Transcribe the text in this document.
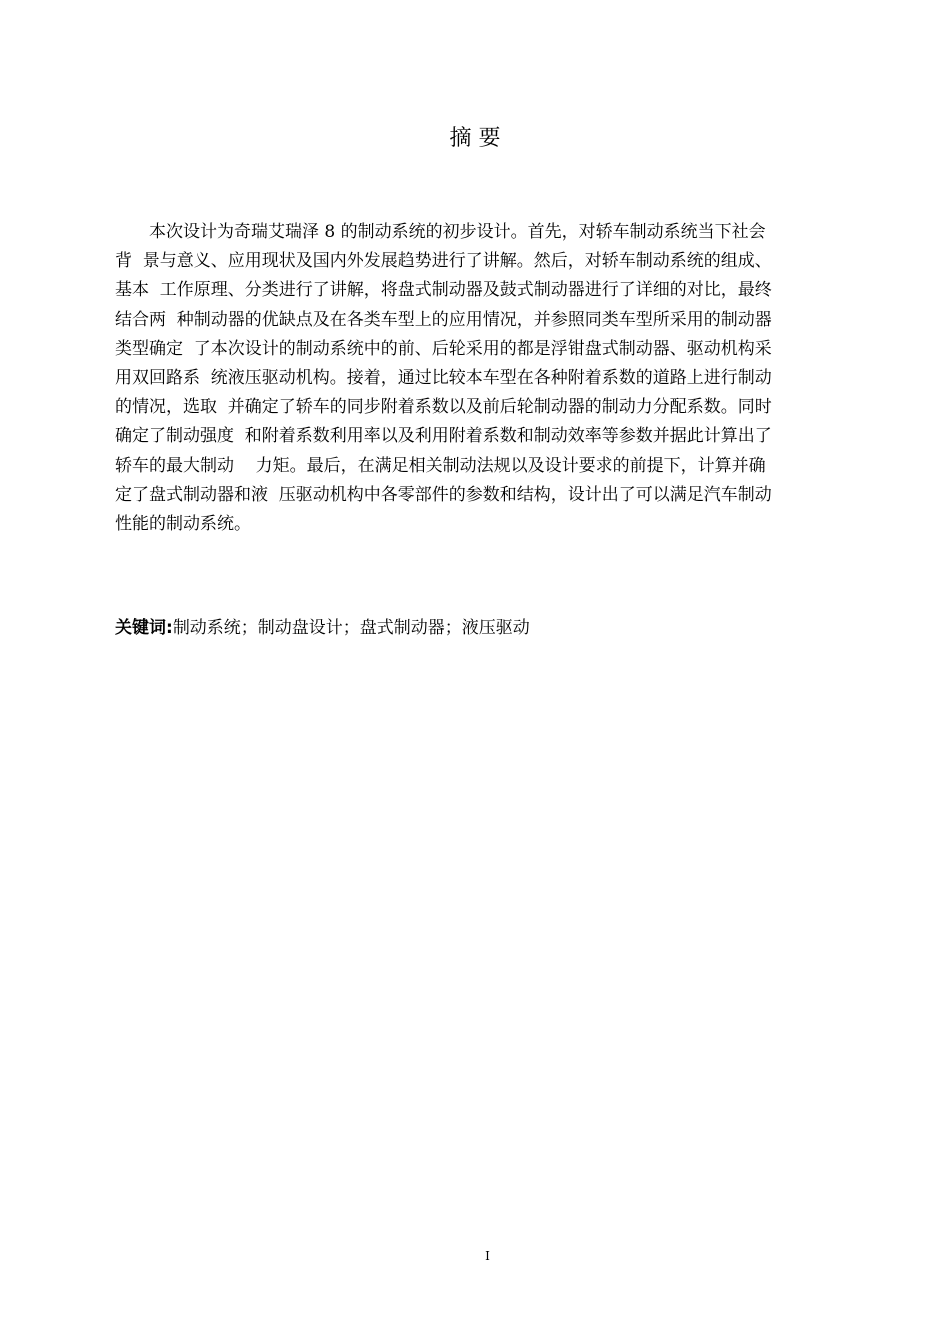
摘 要
本次设计为奇瑞艾瑞泽 8 的制动系统的初步设计。首先，对轿车制动系统当下社会
背  景与意义、应用现状及国内外发展趋势进行了讲解。然后，对轿车制动系统的组成、
基本  工作原理、分类进行了讲解，将盘式制动器及鼓式制动器进行了详细的对比，最终
结合两  种制动器的优缺点及在各类车型上的应用情况，并参照同类车型所采用的制动器
类型确定  了本次设计的制动系统中的前、后轮采用的都是浮钳盘式制动器、驱动机构采
用双回路系  统液压驱动机构。接着，通过比较本车型在各种附着系数的道路上进行制动
的情况，选取  并确定了轿车的同步附着系数以及前后轮制动器的制动力分配系数。同时
确定了制动强度  和附着系数利用率以及利用附着系数和制动效率等参数并据此计算出了
轿车的最大制动    力矩。最后，在满足相关制动法规以及设计要求的前提下，计算并确
定了盘式制动器和液  压驱动机构中各零部件的参数和结构，设计出了可以满足汽车制动
性能的制动系统。
关键词:制动系统；制动盘设计；盘式制动器；液压驱动
I
